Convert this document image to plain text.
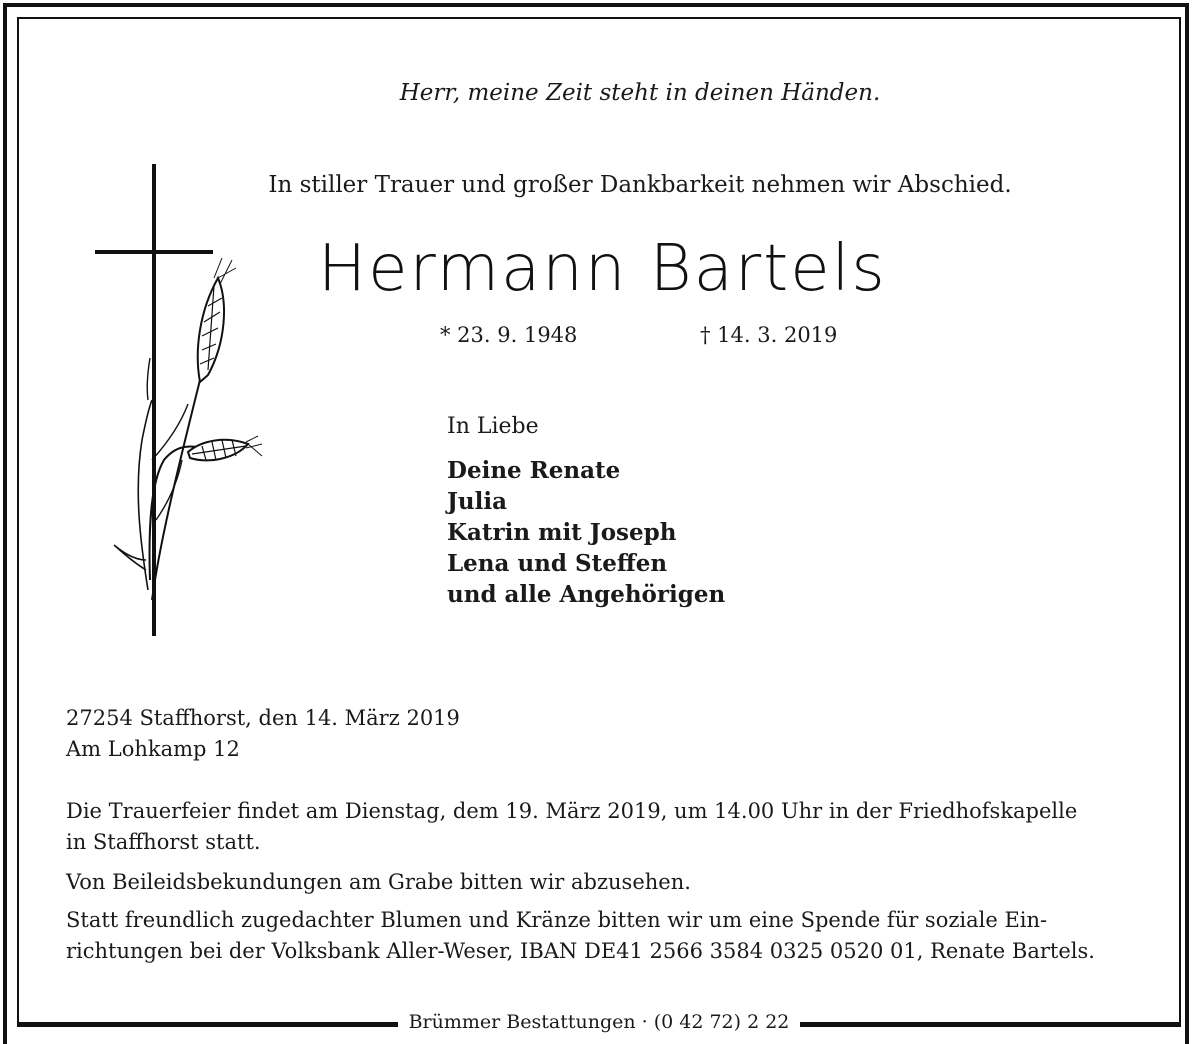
Herr, meine Zeit steht in deinen Händen.
In stiller Trauer und großer Dankbarkeit nehmen wir Abschied.
Hermann Bartels
* 23. 9. 1948	† 14. 3. 2019
In Liebe
Deine Renate
Julia
Katrin mit Joseph
Lena und Steffen
und alle Angehörigen
27254 Staffhorst, den 14. März 2019
Am Lohkamp 12
Die Trauerfeier findet am Dienstag, dem 19. März 2019, um 14.00 Uhr in der Friedhofskapelle
in Staffhorst statt.
Von Beileidsbekundungen am Grabe bitten wir abzusehen.
Statt freundlich zugedachter Blumen und Kränze bitten wir um eine Spende für soziale Ein-
richtungen bei der Volksbank Aller-Weser, IBAN DE41 2566 3584 0325 0520 01, Renate Bartels.
Brümmer Bestattungen · (0 42 72) 2 22
